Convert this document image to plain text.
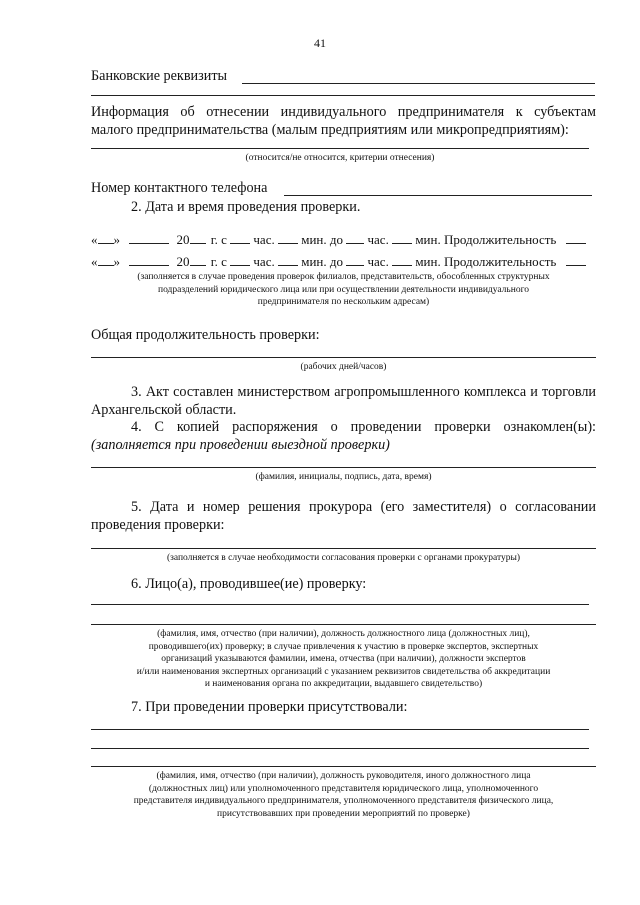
41
Банковские реквизиты
Информация об отнесении индивидуального предпринимателя к субъектам
малого предпринимательства (малым предприятиям или микропредприятиям):
(относится/не относится, критерии отнесения)
Номер контактного телефона
2. Дата и время проведения проверки.
« »	20 г. с час. мин. до час. мин. Продолжительность
« »	20 г. с час. мин. до час. мин. Продолжительность
(заполняется в случае проведения проверок филиалов, представительств, обособленных структурных
подразделений юридического лица или при осуществлении деятельности индивидуального
предпринимателя по нескольким адресам)
Общая продолжительность проверки:
(рабочих дней/часов)
3. Акт составлен министерством агропромышленного комплекса и торговли
Архангельской области.
4. С копией распоряжения о проведении проверки ознакомлен(ы):
(заполняется при проведении выездной проверки)
(фамилия, инициалы, подпись, дата, время)
5. Дата и номер решения прокурора (его заместителя) о согласовании
проведения проверки:
(заполняется в случае необходимости согласования проверки с органами прокуратуры)
6. Лицо(а), проводившее(ие) проверку:
(фамилия, имя, отчество (при наличии), должность должностного лица (должностных лиц),
проводившего(их) проверку; в случае привлечения к участию в проверке экспертов, экспертных
организаций указываются фамилии, имена, отчества (при наличии), должности экспертов
и/или наименования экспертных организаций с указанием реквизитов свидетельства об аккредитации
и наименования органа по аккредитации, выдавшего свидетельство)
7. При проведении проверки присутствовали:
(фамилия, имя, отчество (при наличии), должность руководителя, иного должностного лица
(должностных лиц) или уполномоченного представителя юридического лица, уполномоченного
представителя индивидуального предпринимателя, уполномоченного представителя физического лица,
присутствовавших при проведении мероприятий по проверке)
